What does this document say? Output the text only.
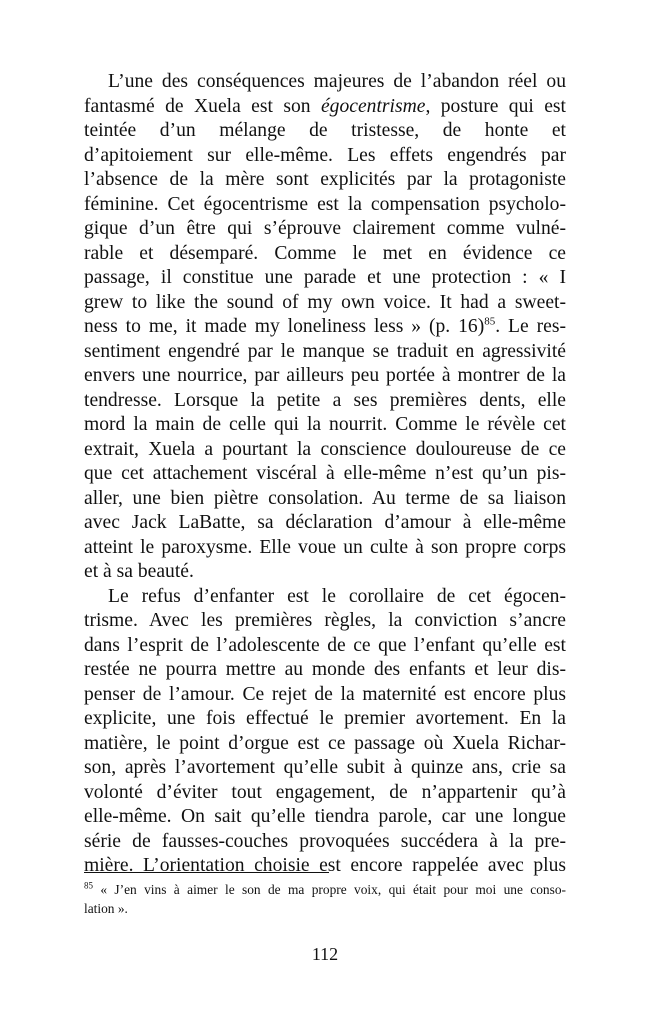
L’une des conséquences majeures de l’abandon réel ou
fantasmé de Xuela est son égocentrisme, posture qui est
teintée d’un mélange de tristesse, de honte et
d’apitoiement sur elle-même. Les effets engendrés par
l’absence de la mère sont explicités par la protagoniste
féminine. Cet égocentrisme est la compensation psycholo-
gique d’un être qui s’éprouve clairement comme vulné-
rable et désemparé. Comme le met en évidence ce
passage, il constitue une parade et une protection : « I
grew to like the sound of my own voice. It had a sweet-
ness to me, it made my loneliness less » (p. 16)$^{85}$. Le res-
sentiment engendré par le manque se traduit en agressivité
envers une nourrice, par ailleurs peu portée à montrer de la
tendresse. Lorsque la petite a ses premières dents, elle
mord la main de celle qui la nourrit. Comme le révèle cet
extrait, Xuela a pourtant la conscience douloureuse de ce
que cet attachement viscéral à elle-même n’est qu’un pis-
aller, une bien piètre consolation. Au terme de sa liaison
avec Jack LaBatte, sa déclaration d’amour à elle-même
atteint le paroxysme. Elle voue un culte à son propre corps
et à sa beauté.
Le refus d’enfanter est le corollaire de cet égocen-
trisme. Avec les premières règles, la conviction s’ancre
dans l’esprit de l’adolescente de ce que l’enfant qu’elle est
restée ne pourra mettre au monde des enfants et leur dis-
penser de l’amour. Ce rejet de la maternité est encore plus
explicite, une fois effectué le premier avortement. En la
matière, le point d’orgue est ce passage où Xuela Richar-
son, après l’avortement qu’elle subit à quinze ans, crie sa
volonté d’éviter tout engagement, de n’appartenir qu’à
elle-même. On sait qu’elle tiendra parole, car une longue
série de fausses-couches provoquées succédera à la pre-
mière. L’orientation choisie est encore rappelée avec plus
$^{85}$ « J’en vins à aimer le son de ma propre voix, qui était pour moi une conso-
lation ».
112
